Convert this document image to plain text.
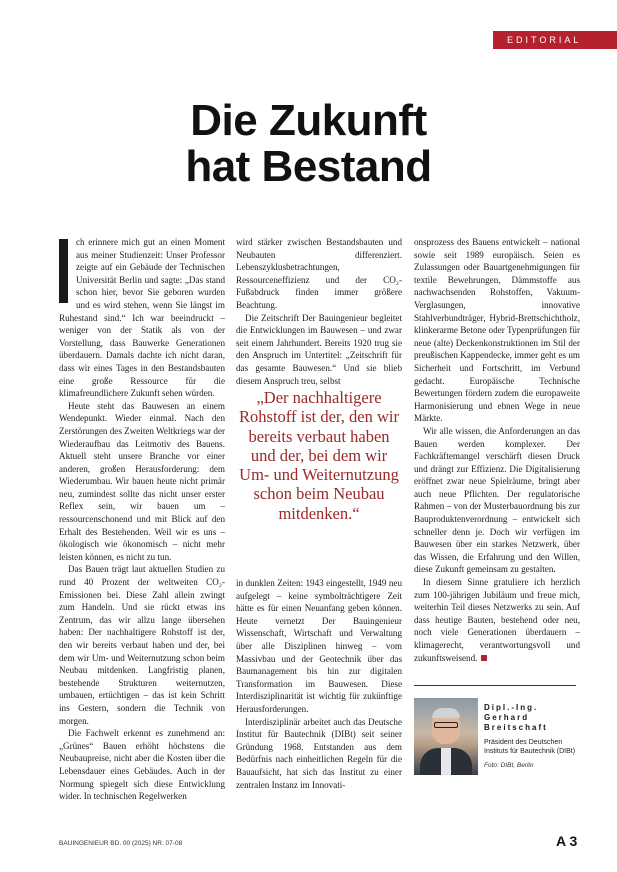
EDITORIAL
Die Zukunft
hat Bestand

ch erinnere mich gut an einen Moment aus meiner Studienzeit: Unser Professor zeigte auf ein Gebäude der Technischen Universität Berlin und sagte: „Das stand schon hier, bevor Sie geboren wurden und es wird stehen, wenn Sie längst im Ruhestand sind.“ Ich war beeindruckt – weniger von der Statik als von der Vorstellung, dass Bauwerke Generationen überdauern. Damals dachte ich nicht daran, dass wir eines Tages in den Bestandsbauten eine große Ressource für die klimafreundlichere Zukunft sehen würden.

Heute steht das Bauwesen an einem Wendepunkt. Wieder einmal. Nach den Zerstörungen des Zweiten Weltkriegs war der Wiederaufbau das Leitmotiv des Bauens. Aktuell steht unsere Branche vor einer anderen, großen Herausforderung: dem Wiederumbau. Wir bauen heute nicht primär neu, zumindest sollte das nicht unser erster Reflex sein, wir bauen um – ressourcenschonend und mit Blick auf den Erhalt des Bestehenden. Weil wir es uns – ökologisch wie ökonomisch – nicht mehr leisten können, es nicht zu tun.

Das Bauen trägt laut aktuellen Studien zu rund 40 Prozent der weltweiten CO₂-Emissionen bei. Diese Zahl allein zwingt zum Handeln. Und sie rückt etwas ins Zentrum, das wir allzu lange übersehen haben: Der nachhaltigere Rohstoff ist der, den wir bereits verbaut haben und der, bei dem wir Um- und Weiternutzung schon beim Neubau mitdenken. Langfristig planen, bestehende Strukturen weiternutzen, umbauen, ertüchtigen – das ist kein Schritt ins Gestern, sondern die Technik von morgen.

Die Fachwelt erkennt es zunehmend an: „Grünes“ Bauen erhöht höchstens die Neubaupreise, nicht aber die Kosten über die Lebensdauer eines Gebäudes. Auch in der Normung spiegelt sich diese Entwicklung wider. In technischen Regelwerken

wird stärker zwischen Bestandsbauten und Neubauten differenziert. Lebenszyklusbetrachtungen, Ressourceneffizienz und der CO₂-Fußabdruck finden immer größere Beachtung.

Die Zeitschrift Der Bauingenieur begleitet die Entwicklungen im Bauwesen – und zwar seit einem Jahrhundert. Bereits 1920 trug sie den Anspruch im Untertitel: „Zeitschrift für das gesamte Bauwesen.“ Und sie blieb diesem Anspruch treu, selbst

„Der nachhaltigere Rohstoff ist der, den wir bereits verbaut haben und der, bei dem wir Um- und Weiternutzung schon beim Neubau mitdenken.“

in dunklen Zeiten: 1943 eingestellt, 1949 neu aufgelegt – keine symbolträchtigere Zeit hätte es für einen Neuanfang geben können. Heute vernetzt Der Bauingenieur Wissenschaft, Wirtschaft und Verwaltung über alle Disziplinen hinweg – vom Massivbau und der Geotechnik über das Baumanagement bis hin zur digitalen Transformation im Bauwesen. Diese Interdisziplinarität ist wichtig für zukünftige Herausforderungen.

Interdisziplinär arbeitet auch das Deutsche Institut für Bautechnik (DIBt) seit seiner Gründung 1968. Entstanden aus dem Bedürfnis nach einheitlichen Regeln für die Bauaufsicht, hat sich das Institut zu einer zentralen Instanz im Innovati-

onsprozess des Bauens entwickelt – national sowie seit 1989 europäisch. Seien es Zulassungen oder Bauartgenehmigungen für textile Bewehrungen, Dämmstoffe aus nachwachsenden Rohstoffen, Vakuum-Verglasungen, innovative Stahlverbundträger, Hybrid-Brettschichtholz, klinkerarme Betone oder Typenprüfungen für neue (alte) Deckenkonstruktionen im Stil der preußischen Kappendecke, immer geht es um Sicherheit und Fortschritt, im Verbund gedacht. Europäische Technische Bewertungen fördern zudem die europaweite Harmonisierung und ebnen Wege in neue Märkte.

Wir alle wissen, die Anforderungen an das Bauen werden komplexer. Der Fachkräftemangel verschärft diesen Druck und drängt zur Effizienz. Die Digitalisierung eröffnet zwar neue Spielräume, bringt aber auch neue Pflichten. Der regulatorische Rahmen – von der Musterbauordnung bis zur Bauproduktenverordnung – entwickelt sich schneller denn je. Doch wir verfügen im Bauwesen über ein starkes Netzwerk, über das Wissen, die Erfahrung und den Willen, diese Zukunft gemeinsam zu gestalten.

In diesem Sinne gratuliere ich herzlich zum 100-jährigen Jubiläum und freue mich, weiterhin Teil dieses Netzwerks zu sein. Auf dass heutige Bauten, bestehend oder neu, noch viele Generationen überdauern – klimagerecht, verantwortungsvoll und zukunftsweisend.

Dipl.-Ing.
Gerhard
Breitschaft
Präsident des Deutschen Instituts für Bautechnik (DIBt)
Foto: DIBt, Berlin
BAUINGENIEUR BD. 00 (2025) NR. 07-08	A 3
